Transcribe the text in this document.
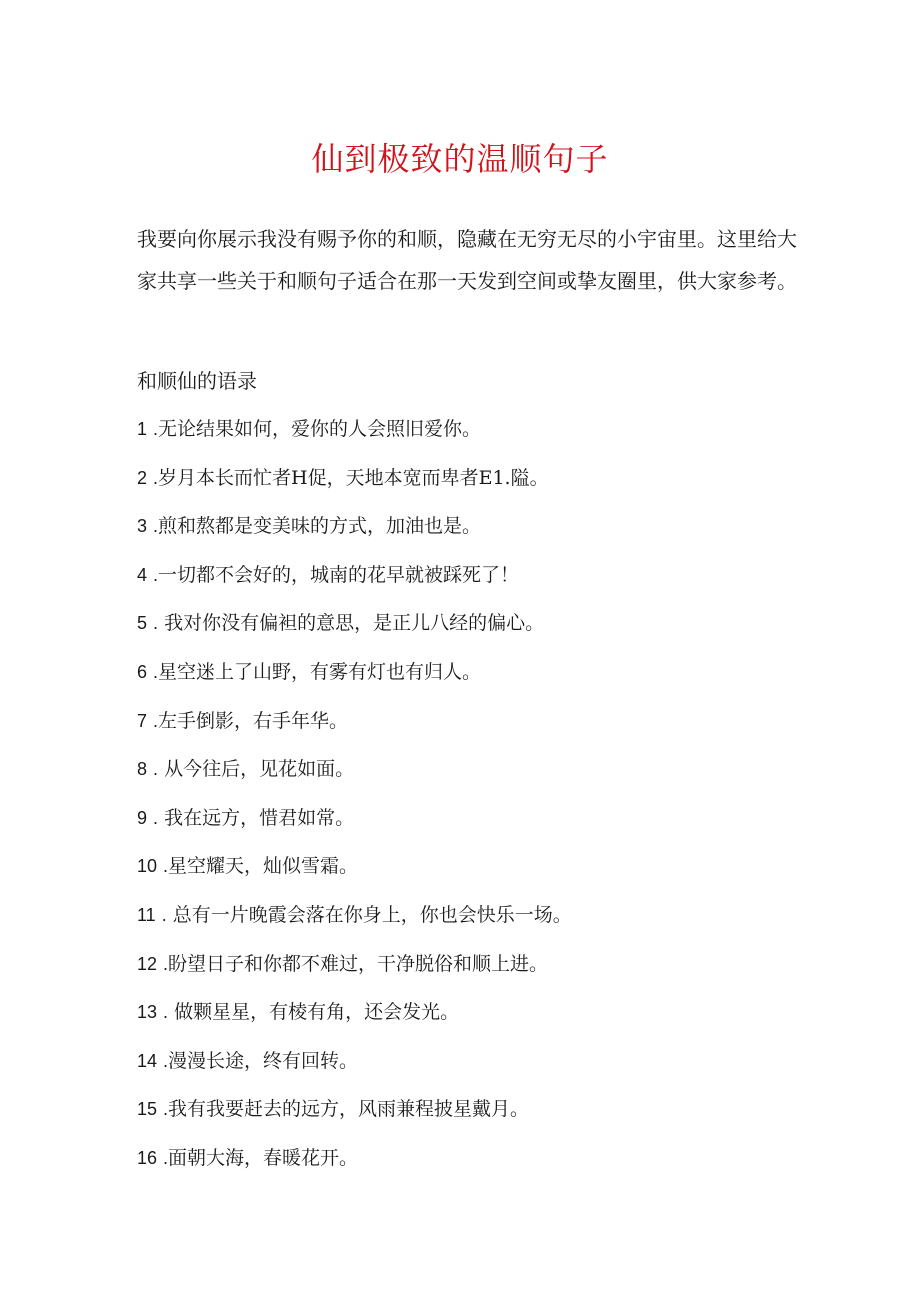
仙到极致的温顺句子

我要向你展示我没有赐予你的和顺，隐藏在无穷无尽的小宇宙里。这里给大家共享一些关于和顺句子适合在那一天发到空间或挚友圈里，供大家参考。

和顺仙的语录

1 .无论结果如何，爱你的人会照旧爱你。
2 .岁月本长而忙者H促，天地本宽而卑者E1.隘。
3 .煎和熬都是变美味的方式，加油也是。
4 .一切都不会好的，城南的花早就被踩死了！
5 . 我对你没有偏袒的意思，是正儿八经的偏心。
6 .星空迷上了山野，有雾有灯也有归人。
7 .左手倒影，右手年华。
8 . 从今往后，见花如面。
9 . 我在远方，惜君如常。
10 .星空耀天，灿似雪霜。
11 . 总有一片晚霞会落在你身上，你也会快乐一场。
12 .盼望日子和你都不难过，干净脱俗和顺上进。
13 . 做颗星星，有棱有角，还会发光。
14 .漫漫长途，终有回转。
15 .我有我要赶去的远方，风雨兼程披星戴月。
16 .面朝大海，春暖花开。
